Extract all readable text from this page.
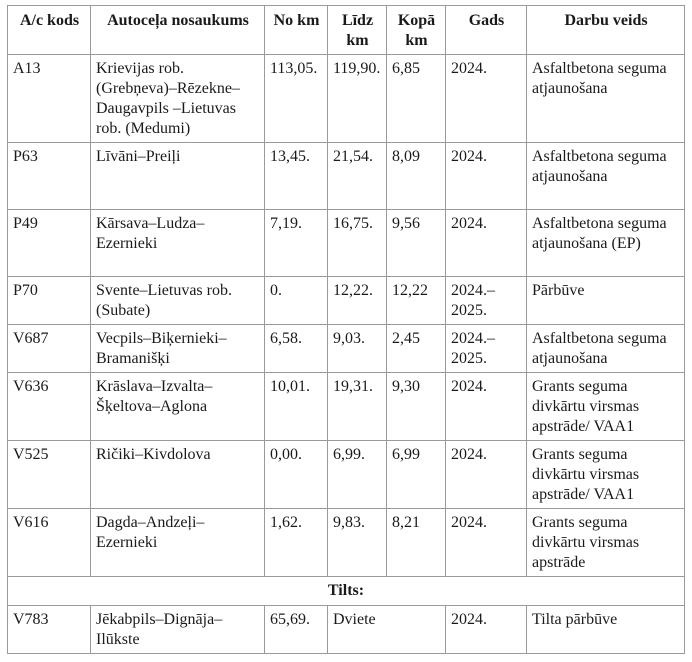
A/c kods	Autoceļa nosaukums	No km	Līdz km	Kopā km	Gads	Darbu veids
A13	Krievijas rob. (Grebņeva)–Rēzekne–Daugavpils –Lietuvas rob. (Medumi)	113,05.	119,90.	6,85	2024.	Asfaltbetona seguma atjaunošana
P63	Līvāni–Preiļi	13,45.	21,54.	8,09	2024.	Asfaltbetona seguma atjaunošana
P49	Kārsava–Ludza–Ezernieki	7,19.	16,75.	9,56	2024.	Asfaltbetona seguma atjaunošana (EP)
P70	Svente–Lietuvas rob. (Subate)	0.	12,22.	12,22	2024.–2025.	Pārbūve
V687	Vecpils–Biķernieki–Bramanišķi	6,58.	9,03.	2,45	2024.–2025.	Asfaltbetona seguma atjaunošana
V636	Krāslava–Izvalta–Šķeltova–Aglona	10,01.	19,31.	9,30	2024.	Grants seguma divkārtu virsmas apstrāde/ VAA1
V525	Ričiki–Kivdolova	0,00.	6,99.	6,99	2024.	Grants seguma divkārtu virsmas apstrāde/ VAA1
V616	Dagda–Andzeļi–Ezernieki	1,62.	9,83.	8,21	2024.	Grants seguma divkārtu virsmas apstrāde
Tilts:						
V783	Jēkabpils–Dignāja–Ilūkste	65,69.	Dviete		2024.	Tilta pārbūve
